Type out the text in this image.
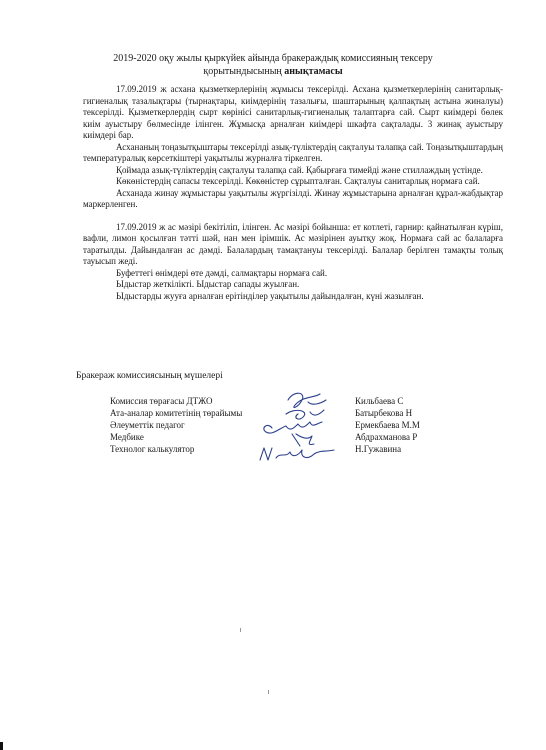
2019-2020 оқу жылы қыркүйек айында бракераждық комиссияның тексеру
қорытындысының анықтамасы

17.09.2019 ж асхана қызметкерлерінің жұмысы тексерілді. Асхана қызметкерлерінің санитарлық-гигиеналық тазалықтары (тырнақтары, киімдерінің тазалығы, шаштарының қалпақтың астына жиналуы) тексерілді. Қызметкерлердің сырт көрінісі санитарлық-гигиеналық талаптарға сай. Сырт киімдері бөлек киім ауыстыру бөлмесінде ілінген. Жұмысқа арналған киімдері шкафта сақталады. 3 жинақ ауыстыру киімдері бар.

Асхананың тоңазытқыштары тексерілді азық-түліктердің сақталуы талапқа сай. Тоңазытқыштардың температуралық көрсеткіштері уақытылы журналға тіркелген.

Қоймада азық-түліктердің сақталуы талапқа сай. Қабырғаға тимейді және стиллаждың үстінде.

Көкөністердің сапасы тексерілді. Көкөністер сұрыпталған. Сақталуы санитарлық нормаға сай.

Асханада жинау жұмыстары уақытылы жүргізілді. Жинау жұмыстарына арналған құрал-жабдықтар маркерленген.

17.09.2019 ж ас мәзірі бекітіліп, ілінген. Ас мәзірі бойынша: ет котлеті, гарнир: қайнатылған күріш, вафли, лимон қосылған тәтті шәй, нан мен ірімшік. Ас мәзірінен ауытқу жоқ. Нормаға сай ас балаларға таратылды. Дайындалған ас дәмді. Балалардың тамақтануы тексерілді. Балалар берілген тамақты толық тауысып жеді.

Буфеттегі өнімдері өте дәмді, салмақтары нормаға сай.

Ыдыстар жеткілікті. Ыдыстар сапады жуылған.

Ыдыстарды жууға арналған ерітінділер уақытылы дайындалған, күні жазылған.

Бракераж комиссиясының мүшелері
Комиссия төрағасы ДТЖО	Кильбаева С
Ата-аналар комитетінің төрайымы	Батырбекова Н
Әлеуметтік педагог	Ермекбаева М.М
Медбике	Абдрахманова Р
Технолог калькулятор	Н.Гужавина
